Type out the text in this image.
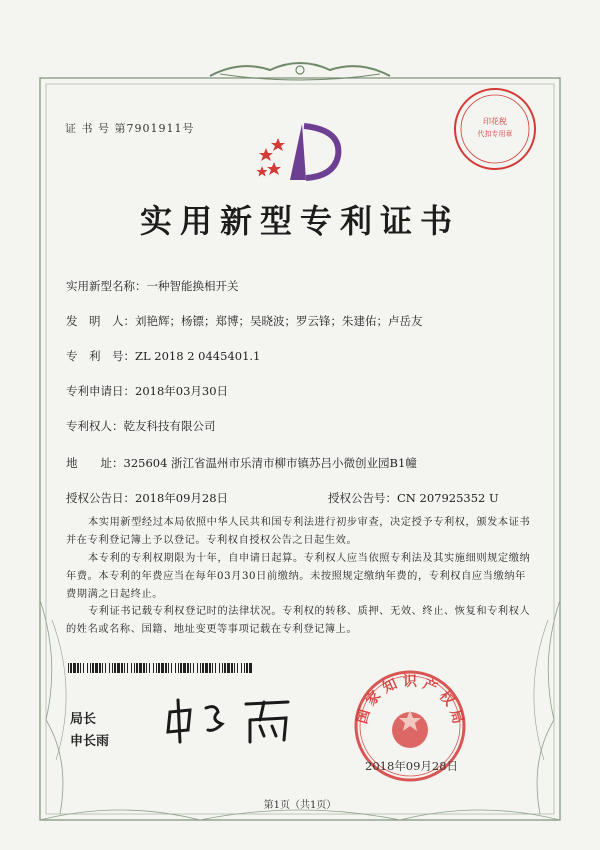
证 书 号 第7901911号
印花税
代扣专用章
实用新型专利证书
实用新型名称：一种智能换相开关
发　明　人：刘艳辉；杨镖；郑博；吴晓波；罗云锋；朱建佑；卢岳友
专　利　号：ZL 2018 2 0445401.1
专利申请日：2018年03月30日
专利权人：乾友科技有限公司
地　　址：325604 浙江省温州市乐清市柳市镇苏吕小微创业园B1幢
授权公告日：2018年09月28日	授权公告号：CN 207925352 U

本实用新型经过本局依照中华人民共和国专利法进行初步审查，决定授予专利权，颁发本证书并在专利登记簿上予以登记。专利权自授权公告之日起生效。

本专利的专利权期限为十年，自申请日起算。专利权人应当依照专利法及其实施细则规定缴纳年费。本专利的年费应当在每年03月30日前缴纳。未按照规定缴纳年费的，专利权自应当缴纳年费期满之日起终止。

专利证书记载专利权登记时的法律状况。专利权的转移、质押、无效、终止、恢复和专利权人的姓名或名称、国籍、地址变更等事项记载在专利登记簿上。

局长
申长雨
国 家 知 识 产 权 局
2018年09月28日
第1页（共1页）
